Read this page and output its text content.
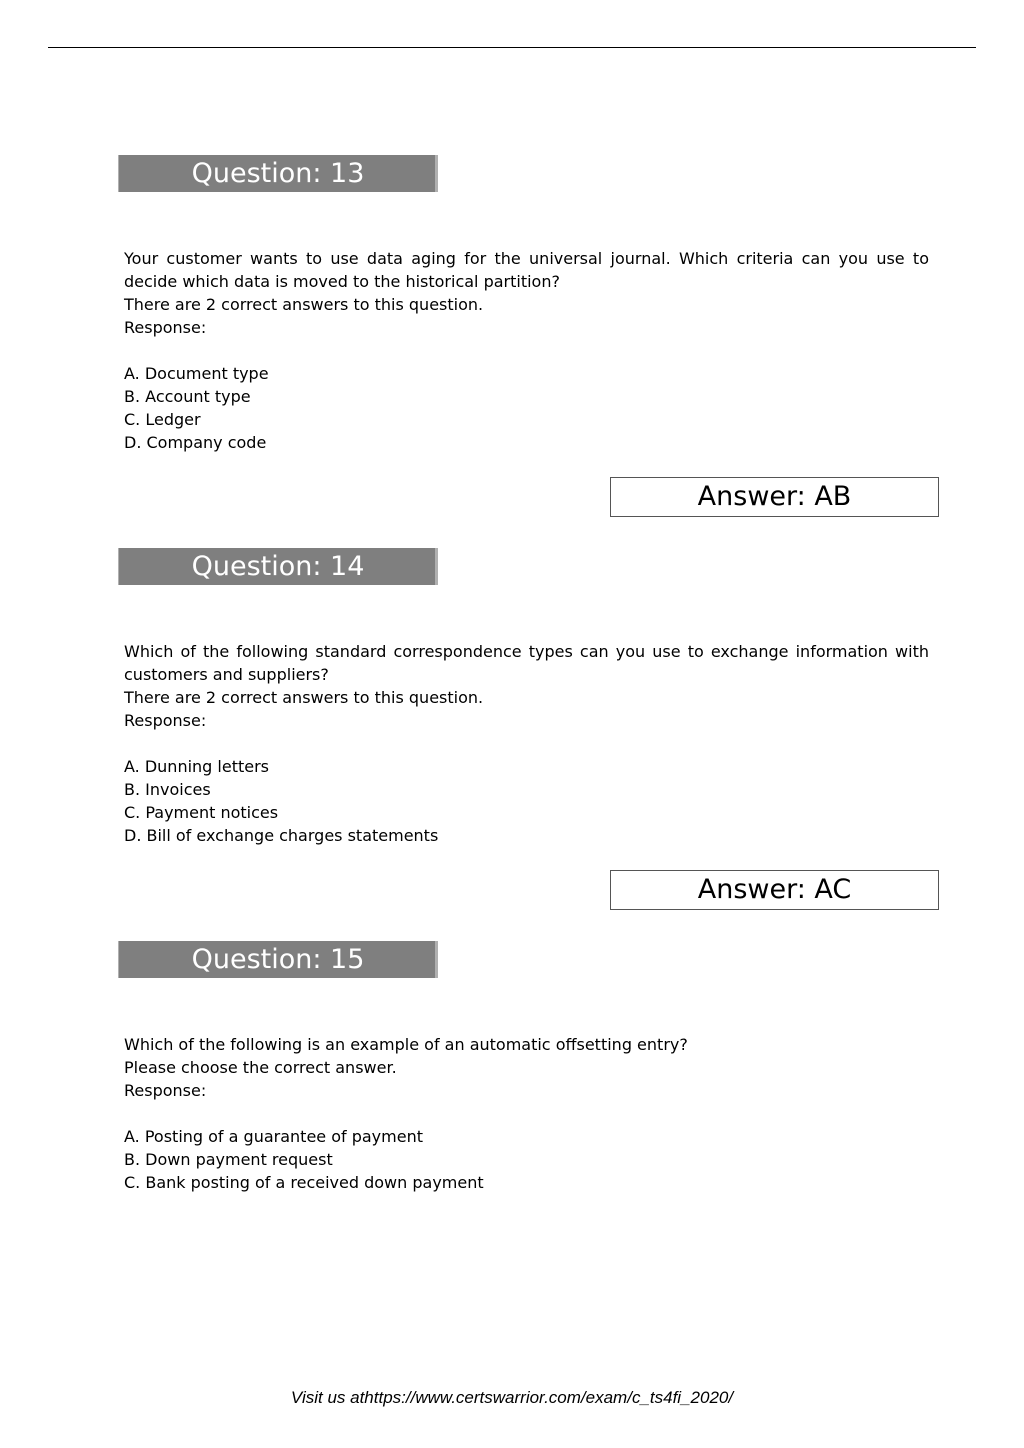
Question: 13

Your customer wants to use data aging for the universal journal. Which criteria can you use to decide which data is moved to the historical partition?

There are 2 correct answers to this question.

Response:

A. Document type

B. Account type

C. Ledger

D. Company code

Answer: AB
Question: 14

Which of the following standard correspondence types can you use to exchange information with customers and suppliers?

There are 2 correct answers to this question.

Response:

A. Dunning letters

B. Invoices

C. Payment notices

D. Bill of exchange charges statements

Answer: AC
Question: 15

Which of the following is an example of an automatic offsetting entry?

Please choose the correct answer.

Response:

A. Posting of a guarantee of payment

B. Down payment request

C. Bank posting of a received down payment

Visit us athttps://www.certswarrior.com/exam/c_ts4fi_2020/
